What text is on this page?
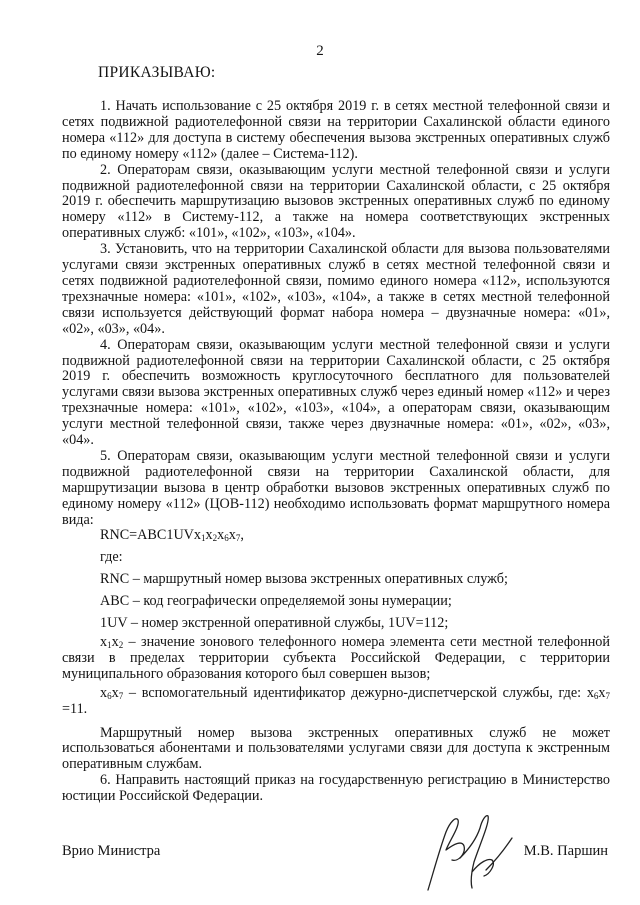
2
ПРИКАЗЫВАЮ:

1. Начать использование с 25 октября 2019 г. в сетях местной телефонной связи и сетях подвижной радиотелефонной связи на территории Сахалинской области единого номера «112» для доступа в систему обеспечения вызова экстренных оперативных служб по единому номеру «112» (далее – Система-112).

2. Операторам связи, оказывающим услуги местной телефонной связи и услуги подвижной радиотелефонной связи на территории Сахалинской области, с 25 октября 2019 г. обеспечить маршрутизацию вызовов экстренных оперативных служб по единому номеру «112» в Систему-112, а также на номера соответствующих экстренных оперативных служб: «101», «102», «103», «104».

3. Установить, что на территории Сахалинской области для вызова пользователями услугами связи экстренных оперативных служб в сетях местной телефонной связи и сетях подвижной радиотелефонной связи, помимо единого номера «112», используются трехзначные номера: «101», «102», «103», «104», а также в сетях местной телефонной связи используется действующий формат набора номера – двузначные номера: «01», «02», «03», «04».

4. Операторам связи, оказывающим услуги местной телефонной связи и услуги подвижной радиотелефонной связи на территории Сахалинской области, с 25 октября 2019 г. обеспечить возможность круглосуточного бесплатного для пользователей услугами связи вызова экстренных оперативных служб через единый номер «112» и через трехзначные номера: «101», «102», «103», «104», а операторам связи, оказывающим услуги местной телефонной связи, также через двузначные номера: «01», «02», «03», «04».

5. Операторам связи, оказывающим услуги местной телефонной связи и услуги подвижной радиотелефонной связи на территории Сахалинской области, для маршрутизации вызова в центр обработки вызовов экстренных оперативных служб по единому номеру «112» (ЦОВ-112) необходимо использовать формат маршрутного номера вида:

$RNC=ABC1UVx_1x_2x_6x_7$,
где:
RNC – маршрутный номер вызова экстренных оперативных служб;
ABC – код географически определяемой зоны нумерации;
1UV – номер экстренной оперативной службы, 1UV=112;

$x_1x_2$ – значение зонового телефонного номера элемента сети местной телефонной связи в пределах территории субъекта Российской Федерации, с территории муниципального образования которого был совершен вызов;

$x_6x_7$ – вспомогательный идентификатор дежурно-диспетчерской службы, где: $x_6x_7 =11$.

Маршрутный номер вызова экстренных оперативных служб не может использоваться абонентами и пользователями услугами связи для доступа к экстренным оперативным службам.

6. Направить настоящий приказ на государственную регистрацию в Министерство юстиции Российской Федерации.

Врио Министра	М.В. Паршин
